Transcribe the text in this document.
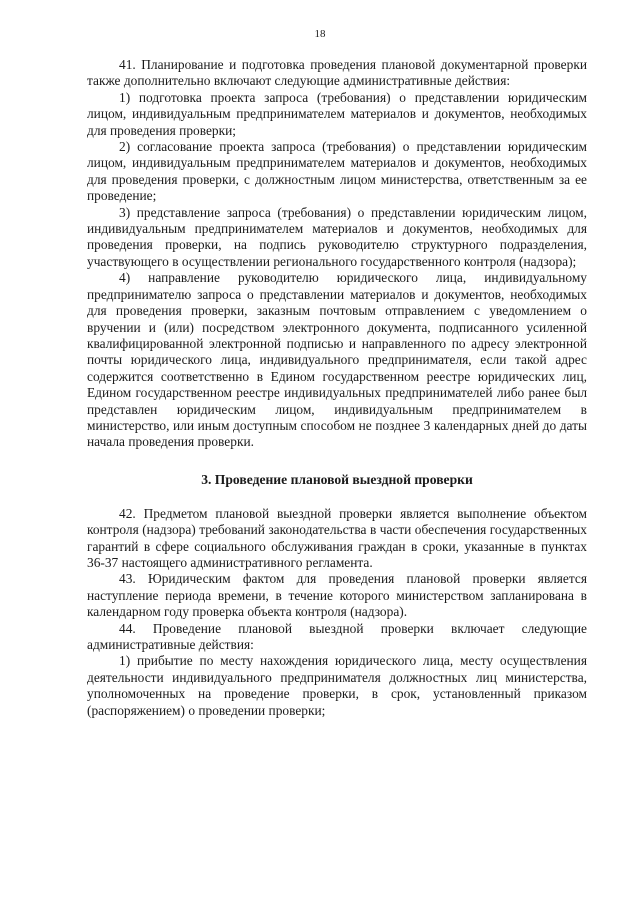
18

41. Планирование и подготовка проведения плановой документарной проверки также дополнительно включают следующие административные действия:

1) подготовка проекта запроса (требования) о представлении юридическим лицом, индивидуальным предпринимателем материалов и документов, необходимых для проведения проверки;

2) согласование проекта запроса (требования) о представлении юридическим лицом, индивидуальным предпринимателем материалов и документов, необходимых для проведения проверки, с должностным лицом министерства, ответственным за ее проведение;

3) представление запроса (требования) о представлении юридическим лицом, индивидуальным предпринимателем материалов и документов, необходимых для проведения проверки, на подпись руководителю структурного подразделения, участвующего в осуществлении регионального государственного контроля (надзора);

4) направление руководителю юридического лица, индивидуальному предпринимателю запроса о представлении материалов и документов, необходимых для проведения проверки, заказным почтовым отправлением с уведомлением о вручении и (или) посредством электронного документа, подписанного усиленной квалифицированной электронной подписью и направленного по адресу электронной почты юридического лица, индивидуального предпринимателя, если такой адрес содержится соответственно в Едином государственном реестре юридических лиц, Едином государственном реестре индивидуальных предпринимателей либо ранее был представлен юридическим лицом, индивидуальным предпринимателем в министерство, или иным доступным способом не позднее 3 календарных дней до даты начала проведения проверки.

3. Проведение плановой выездной проверки

42. Предметом плановой выездной проверки является выполнение объектом контроля (надзора) требований законодательства в части обеспечения государственных гарантий в сфере социального обслуживания граждан в сроки, указанные в пунктах 36-37 настоящего административного регламента.

43. Юридическим фактом для проведения плановой проверки является наступление периода времени, в течение которого министерством запланирована в календарном году проверка объекта контроля (надзора).

44. Проведение плановой выездной проверки включает следующие административные действия:

1) прибытие по месту нахождения юридического лица, месту осуществления деятельности индивидуального предпринимателя должностных лиц министерства, уполномоченных на проведение проверки, в срок, установленный приказом (распоряжением) о проведении проверки;
